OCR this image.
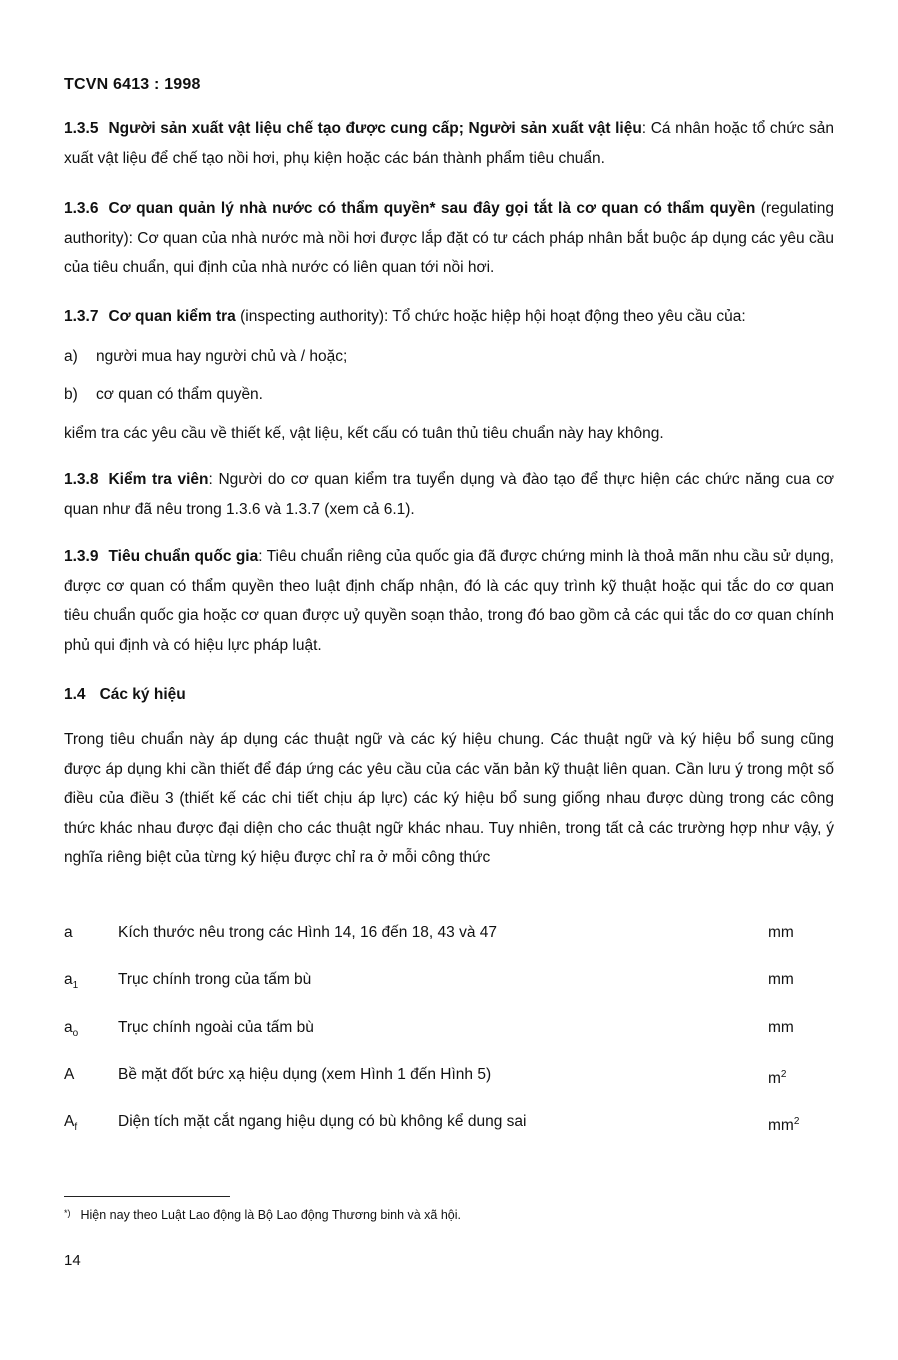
TCVN 6413 : 1998

1.3.5 Người sản xuất vật liệu chế tạo được cung cấp; Người sản xuất vật liệu: Cá nhân hoặc tổ chức sản xuất vật liệu để chế tạo nồi hơi, phụ kiện hoặc các bán thành phẩm tiêu chuẩn.

1.3.6 Cơ quan quản lý nhà nước có thẩm quyền* sau đây gọi tắt là cơ quan có thẩm quyền (regulating authority): Cơ quan của nhà nước mà nồi hơi được lắp đặt có tư cách pháp nhân bắt buộc áp dụng các yêu cầu của tiêu chuẩn, qui định của nhà nước có liên quan tới nồi hơi.

1.3.7 Cơ quan kiểm tra (inspecting authority): Tổ chức hoặc hiệp hội hoạt động theo yêu cầu của:

a) người mua hay người chủ và / hoặc;
b) cơ quan có thẩm quyền.
kiểm tra các yêu cầu về thiết kế, vật liệu, kết cấu có tuân thủ tiêu chuẩn này hay không.

1.3.8 Kiểm tra viên: Người do cơ quan kiểm tra tuyển dụng và đào tạo để thực hiện các chức năng cua cơ quan như đã nêu trong 1.3.6 và 1.3.7 (xem cả 6.1).

1.3.9 Tiêu chuẩn quốc gia: Tiêu chuẩn riêng của quốc gia đã được chứng minh là thoả mãn nhu cầu sử dụng, được cơ quan có thẩm quyền theo luật định chấp nhận, đó là các quy trình kỹ thuật hoặc qui tắc do cơ quan tiêu chuẩn quốc gia hoặc cơ quan được uỷ quyền soạn thảo, trong đó bao gồm cả các qui tắc do cơ quan chính phủ qui định và có hiệu lực pháp luật.

1.4 Các ký hiệu

Trong tiêu chuẩn này áp dụng các thuật ngữ và các ký hiệu chung. Các thuật ngữ và ký hiệu bổ sung cũng được áp dụng khi cần thiết để đáp ứng các yêu cầu của các văn bản kỹ thuật liên quan. Cần lưu ý trong một số điều của điều 3 (thiết kế các chi tiết chịu áp lực) các ký hiệu bổ sung giống nhau được dùng trong các công thức khác nhau được đại diện cho các thuật ngữ khác nhau. Tuy nhiên, trong tất cả các trường hợp như vậy, ý nghĩa riêng biệt của từng ký hiệu được chỉ ra ở mỗi công thức

a	Kích thước nêu trong các Hình 14, 16 đến 18, 43 và 47	mm
$a_1$	Trục chính trong của tấm bù	mm
$a_o$	Trục chính ngoài của tấm bù	mm
A	Bề mặt đốt bức xạ hiệu dụng (xem Hình 1 đến Hình 5)	$m^2$
$A_f$	Diện tích mặt cắt ngang hiệu dụng có bù không kể dung sai	$mm^2$
*) Hiện nay theo Luật Lao động là Bộ Lao động Thương binh và xã hội.
14
